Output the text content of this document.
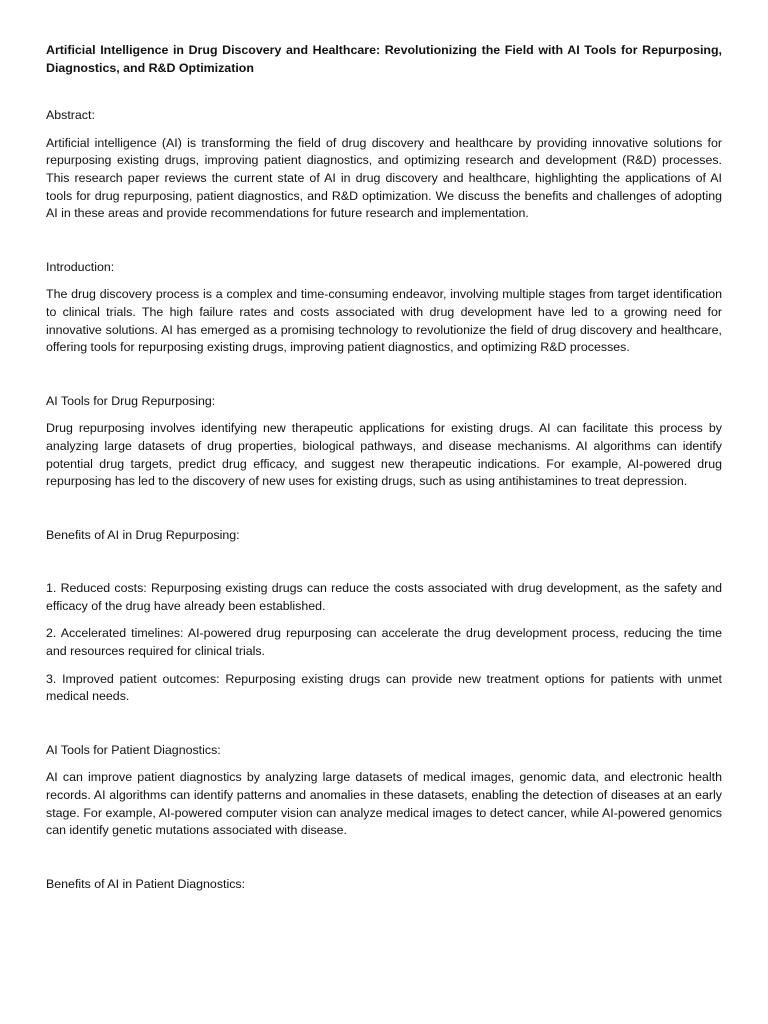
Artificial Intelligence in Drug Discovery and Healthcare: Revolutionizing the Field with AI Tools for Repurposing, Diagnostics, and R&D Optimization

Abstract:

Artificial intelligence (AI) is transforming the field of drug discovery and healthcare by providing innovative solutions for repurposing existing drugs, improving patient diagnostics, and optimizing research and development (R&D) processes. This research paper reviews the current state of AI in drug discovery and healthcare, highlighting the applications of AI tools for drug repurposing, patient diagnostics, and R&D optimization. We discuss the benefits and challenges of adopting AI in these areas and provide recommendations for future research and implementation.

Introduction:

The drug discovery process is a complex and time-consuming endeavor, involving multiple stages from target identification to clinical trials. The high failure rates and costs associated with drug development have led to a growing need for innovative solutions. AI has emerged as a promising technology to revolutionize the field of drug discovery and healthcare, offering tools for repurposing existing drugs, improving patient diagnostics, and optimizing R&D processes.

AI Tools for Drug Repurposing:

Drug repurposing involves identifying new therapeutic applications for existing drugs. AI can facilitate this process by analyzing large datasets of drug properties, biological pathways, and disease mechanisms. AI algorithms can identify potential drug targets, predict drug efficacy, and suggest new therapeutic indications. For example, AI-powered drug repurposing has led to the discovery of new uses for existing drugs, such as using antihistamines to treat depression.

Benefits of AI in Drug Repurposing:

1. Reduced costs: Repurposing existing drugs can reduce the costs associated with drug development, as the safety and efficacy of the drug have already been established.

2. Accelerated timelines: AI-powered drug repurposing can accelerate the drug development process, reducing the time and resources required for clinical trials.

3. Improved patient outcomes: Repurposing existing drugs can provide new treatment options for patients with unmet medical needs.

AI Tools for Patient Diagnostics:

AI can improve patient diagnostics by analyzing large datasets of medical images, genomic data, and electronic health records. AI algorithms can identify patterns and anomalies in these datasets, enabling the detection of diseases at an early stage. For example, AI-powered computer vision can analyze medical images to detect cancer, while AI-powered genomics can identify genetic mutations associated with disease.

Benefits of AI in Patient Diagnostics:
